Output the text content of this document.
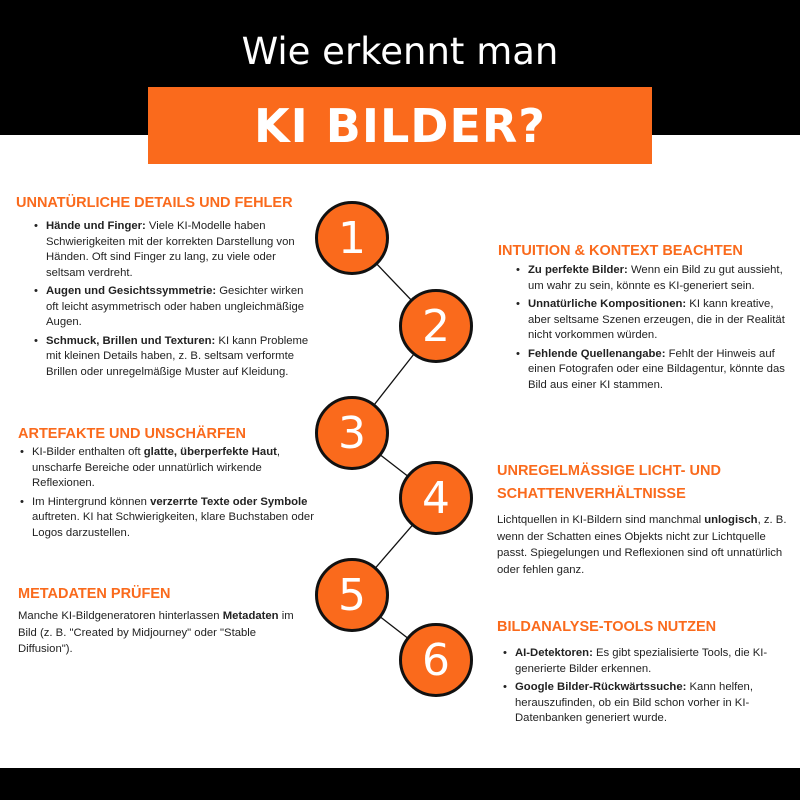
Wie erkennt man
KI BILDER?
1
2
3
4
5
6
UNNATÜRLICHE DETAILS UND FEHLER
• Hände und Finger: Viele KI-Modelle haben Schwierigkeiten mit der korrekten Darstellung von Händen. Oft sind Finger zu lang, zu viele oder seltsam verdreht.
• Augen und Gesichtssymmetrie: Gesichter wirken oft leicht asymmetrisch oder haben ungleichmäßige Augen.
• Schmuck, Brillen und Texturen: KI kann Probleme mit kleinen Details haben, z. B. seltsam verformte Brillen oder unregelmäßige Muster auf Kleidung.
INTUITION & KONTEXT BEACHTEN
• Zu perfekte Bilder: Wenn ein Bild zu gut aussieht, um wahr zu sein, könnte es KI-generiert sein.
• Unnatürliche Kompositionen: KI kann kreative, aber seltsame Szenen erzeugen, die in der Realität nicht vorkommen würden.
• Fehlende Quellenangabe: Fehlt der Hinweis auf einen Fotografen oder eine Bildagentur, könnte das Bild aus einer KI stammen.
ARTEFAKTE UND UNSCHÄRFEN
• KI-Bilder enthalten oft glatte, überperfekte Haut, unscharfe Bereiche oder unnatürlich wirkende Reflexionen.
• Im Hintergrund können verzerrte Texte oder Symbole auftreten. KI hat Schwierigkeiten, klare Buchstaben oder Logos darzustellen.
UNREGELMÄSSIGE LICHT- UND
SCHATTENVERHÄLTNISSE

Lichtquellen in KI-Bildern sind manchmal unlogisch, z. B. wenn der Schatten eines Objekts nicht zur Lichtquelle passt. Spiegelungen und Reflexionen sind oft unnatürlich oder fehlen ganz.

METADATEN PRÜFEN

Manche KI-Bildgeneratoren hinterlassen Metadaten im Bild (z. B. "Created by Midjourney" oder "Stable Diffusion").

BILDANALYSE-TOOLS NUTZEN
• AI-Detektoren: Es gibt spezialisierte Tools, die KI-generierte Bilder erkennen.
• Google Bilder-Rückwärtssuche: Kann helfen, herauszufinden, ob ein Bild schon vorher in KI-Datenbanken generiert wurde.
